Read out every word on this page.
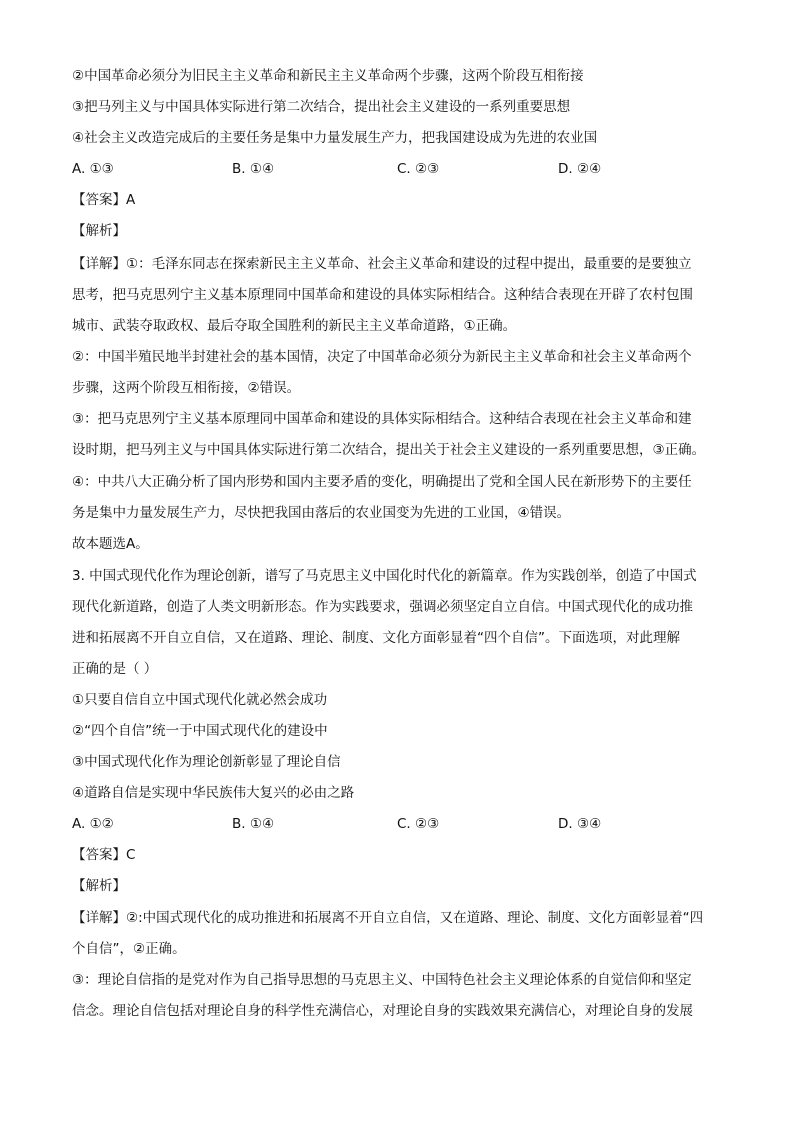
②中国革命必须分为旧民主主义革命和新民主主义革命两个步骤，这两个阶段互相衔接
③把马列主义与中国具体实际进行第二次结合，提出社会主义建设的一系列重要思想
④社会主义改造完成后的主要任务是集中力量发展生产力，把我国建设成为先进的农业国
A. ①③	B. ①④	C. ②③	D. ②④
【答案】A
【解析】
【详解】①：毛泽东同志在探索新民主主义革命、社会主义革命和建设的过程中提出，最重要的是要独立
思考，把马克思列宁主义基本原理同中国革命和建设的具体实际相结合。这种结合表现在开辟了农村包围
城市、武装夺取政权、最后夺取全国胜利的新民主主义革命道路，①正确。
②：中国半殖民地半封建社会的基本国情，决定了中国革命必须分为新民主主义革命和社会主义革命两个
步骤，这两个阶段互相衔接，②错误。
③：把马克思列宁主义基本原理同中国革命和建设的具体实际相结合。这种结合表现在社会主义革命和建
设时期，把马列主义与中国具体实际进行第二次结合，提出关于社会主义建设的一系列重要思想，③正确。
④：中共八大正确分析了国内形势和国内主要矛盾的变化，明确提出了党和全国人民在新形势下的主要任
务是集中力量发展生产力，尽快把我国由落后的农业国变为先进的工业国，④错误。
故本题选A。
3. 中国式现代化作为理论创新，谱写了马克思主义中国化时代化的新篇章。作为实践创举，创造了中国式
现代化新道路，创造了人类文明新形态。作为实践要求，强调必须坚定自立自信。中国式现代化的成功推
进和拓展离不开自立自信，又在道路、理论、制度、文化方面彰显着“四个自信”。下面选项，对此理解
正确的是（ ）
①只要自信自立中国式现代化就必然会成功
②“四个自信”统一于中国式现代化的建设中
③中国式现代化作为理论创新彰显了理论自信
④道路自信是实现中华民族伟大复兴的必由之路
A. ①②	B. ①④	C. ②③	D. ③④
【答案】C
【解析】
【详解】②:中国式现代化的成功推进和拓展离不开自立自信，又在道路、理论、制度、文化方面彰显着“四
个自信”，②正确。
③：理论自信指的是党对作为自己指导思想的马克思主义、中国特色社会主义理论体系的自觉信仰和坚定
信念。理论自信包括对理论自身的科学性充满信心，对理论自身的实践效果充满信心，对理论自身的发展
